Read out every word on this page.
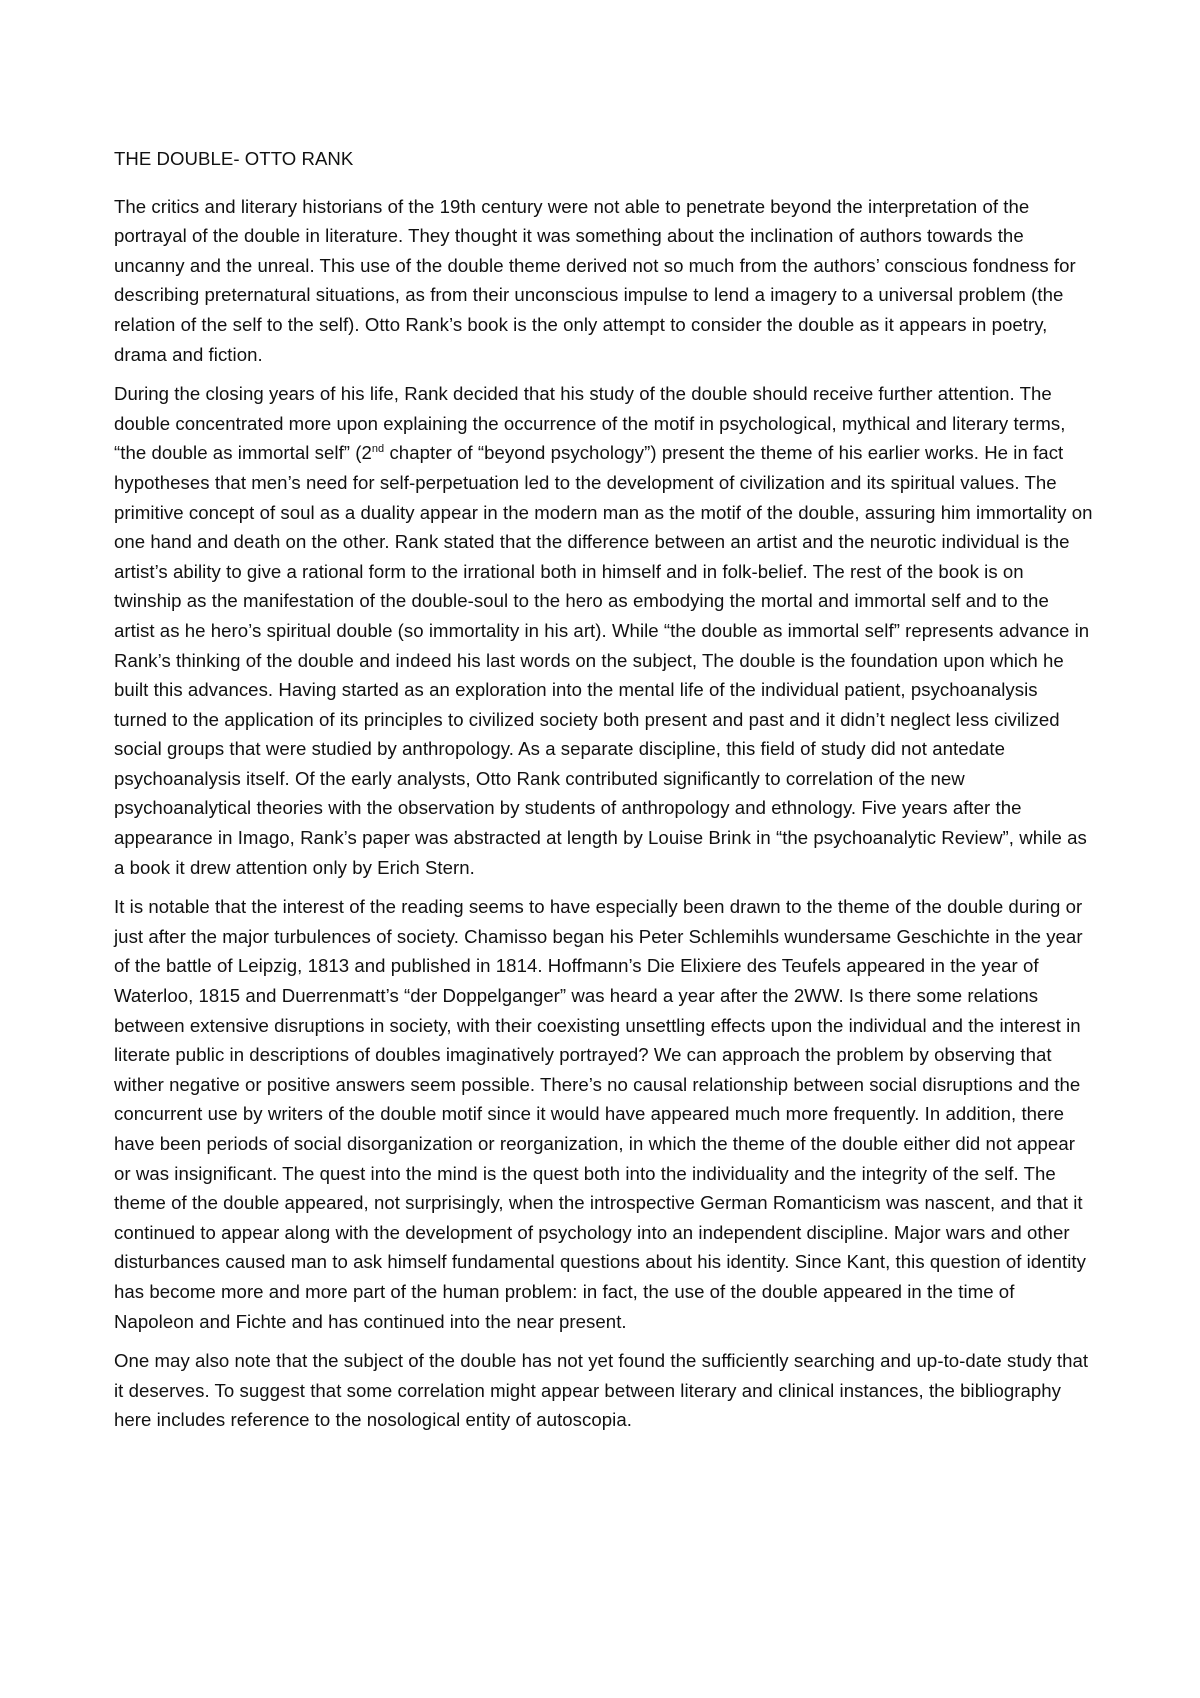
THE DOUBLE- OTTO RANK

The critics and literary historians of the 19th century were not able to penetrate beyond the interpretation of the portrayal of the double in literature. They thought it was something about the inclination of authors towards the uncanny and the unreal. This use of the double theme derived not so much from the authors’ conscious fondness for describing preternatural situations, as from their unconscious impulse to lend a imagery to a universal problem (the relation of the self to the self). Otto Rank’s book is the only attempt to consider the double as it appears in poetry, drama and fiction.

During the closing years of his life, Rank decided that his study of the double should receive further attention. The double concentrated more upon explaining the occurrence of the motif in psychological, mythical and literary terms, “the double as immortal self” (2nd chapter of “beyond psychology”) present the theme of his earlier works. He in fact hypotheses that men’s need for self-perpetuation led to the development of civilization and its spiritual values. The primitive concept of soul as a duality appear in the modern man as the motif of the double, assuring him immortality on one hand and death on the other. Rank stated that the difference between an artist and the neurotic individual is the artist’s ability to give a rational form to the irrational both in himself and in folk-belief. The rest of the book is on twinship as the manifestation of the double-soul to the hero as embodying the mortal and immortal self and to the artist as he hero’s spiritual double (so immortality in his art). While “the double as immortal self” represents advance in Rank’s thinking of the double and indeed his last words on the subject, The double is the foundation upon which he built this advances. Having started as an exploration into the mental life of the individual patient, psychoanalysis turned to the application of its principles to civilized society both present and past and it didn’t neglect less civilized social groups that were studied by anthropology. As a separate discipline, this field of study did not antedate psychoanalysis itself. Of the early analysts, Otto Rank contributed significantly to correlation of the new psychoanalytical theories with the observation by students of anthropology and ethnology. Five years after the appearance in Imago, Rank’s paper was abstracted at length by Louise Brink in “the psychoanalytic Review”, while as a book it drew attention only by Erich Stern.

It is notable that the interest of the reading seems to have especially been drawn to the theme of the double during or just after the major turbulences of society. Chamisso began his Peter Schlemihls wundersame Geschichte in the year of the battle of Leipzig, 1813 and published in 1814. Hoffmann’s Die Elixiere des Teufels appeared in the year of Waterloo, 1815 and Duerrenmatt’s “der Doppelganger” was heard a year after the 2WW. Is there some relations between extensive disruptions in society, with their coexisting unsettling effects upon the individual and the interest in literate public in descriptions of doubles imaginatively portrayed? We can approach the problem by observing that wither negative or positive answers seem possible. There’s no causal relationship between social disruptions and the concurrent use by writers of the double motif since it would have appeared much more frequently. In addition, there have been periods of social disorganization or reorganization, in which the theme of the double either did not appear or was insignificant. The quest into the mind is the quest both into the individuality and the integrity of the self. The theme of the double appeared, not surprisingly, when the introspective German Romanticism was nascent, and that it continued to appear along with the development of psychology into an independent discipline. Major wars and other disturbances caused man to ask himself fundamental questions about his identity. Since Kant, this question of identity has become more and more part of the human problem: in fact, the use of the double appeared in the time of Napoleon and Fichte and has continued into the near present.

One may also note that the subject of the double has not yet found the sufficiently searching and up-to-date study that it deserves. To suggest that some correlation might appear between literary and clinical instances, the bibliography here includes reference to the nosological entity of autoscopia.
